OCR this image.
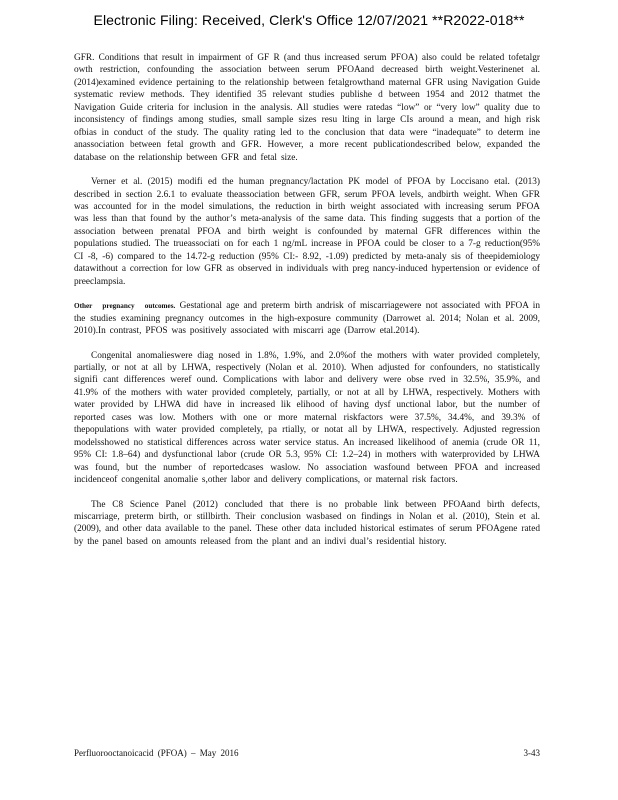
Electronic Filing: Received, Clerk's Office 12/07/2021 **R2022-018**

GFR. Conditions that result in impairment of GF R (and thus increased serum PFOA) also could be related tofetalgr owth restriction, confounding the association between serum PFOAand decreased birth weight.Vesterinenet al. (2014)examined evidence pertaining to the relationship between fetalgrowthand maternal GFR using Navigation Guide systematic review methods. They identified 35 relevant studies publishe d between 1954 and 2012 thatmet the Navigation Guide criteria for inclusion in the analysis. All studies were ratedas “low” or “very low” quality due to inconsistency of findings among studies, small sample sizes resu lting in large CIs around a mean, and high risk ofbias in conduct of the study. The quality rating led to the conclusion that data were “inadequate” to determ ine anassociation between fetal growth and GFR. However, a more recent publicationdescribed below, expanded the database on the relationship between GFR and fetal size.

Verner et al. (2015) modifi ed the human pregnancy/lactation PK model of PFOA by Loccisano etal. (2013) described in section 2.6.1 to evaluate theassociation between GFR, serum PFOA levels, andbirth weight. When GFR was accounted for in the model simulations, the reduction in birth weight associated with increasing serum PFOA was less than that found by the author’s meta-analysis of the same data. This finding suggests that a portion of the association between prenatal PFOA and birth weight is confounded by maternal GFR differences within the populations studied. The trueassociati on for each 1 ng/mL increase in PFOA could be closer to a 7-g reduction(95% CI -8, -6) compared to the 14.72-g reduction (95% CI:- 8.92, -1.09) predicted by meta-analy sis of theepidemiology datawithout a correction for low GFR as observed in individuals with preg nancy-induced hypertension or evidence of preeclampsia.

Other pregnancy outcomes. Gestational age and preterm birth andrisk of miscarriagewere not associated with PFOA in the studies examining pregnancy outcomes in the high-exposure community (Darrowet al. 2014; Nolan et al. 2009, 2010).In contrast, PFOS was positively associated with miscarri age (Darrow etal.2014).

Congenital anomalieswere diag nosed in 1.8%, 1.9%, and 2.0%of the mothers with water provided completely, partially, or not at all by LHWA, respectively (Nolan et al. 2010). When adjusted for confounders, no statistically signifi cant differences weref ound. Complications with labor and delivery were obse rved in 32.5%, 35.9%, and 41.9% of the mothers with water provided completely, partially, or not at all by LHWA, respectively. Mothers with water provided by LHWA did have in increased lik elihood of having dysf unctional labor, but the number of reported cases was low. Mothers with one or more maternal riskfactors were 37.5%, 34.4%, and 39.3% of thepopulations with water provided completely, pa rtially, or notat all by LHWA, respectively. Adjusted regression modelsshowed no statistical differences across water service status. An increased likelihood of anemia (crude OR 11, 95% CI: 1.8–64) and dysfunctional labor (crude OR 5.3, 95% CI: 1.2–24) in mothers with waterprovided by LHWA was found, but the number of reportedcases waslow. No association wasfound between PFOA and increased incidenceof congenital anomalie s,other labor and delivery complications, or maternal risk factors.

The C8 Science Panel (2012) concluded that there is no probable link between PFOAand birth defects, miscarriage, preterm birth, or stillbirth. Their conclusion wasbased on findings in Nolan et al. (2010), Stein et al. (2009), and other data available to the panel. These other data included historical estimates of serum PFOAgene rated by the panel based on amounts released from the plant and an indivi dual’s residential history.

Perfluorooctanoicacid (PFOA) – May 2016	3-43
